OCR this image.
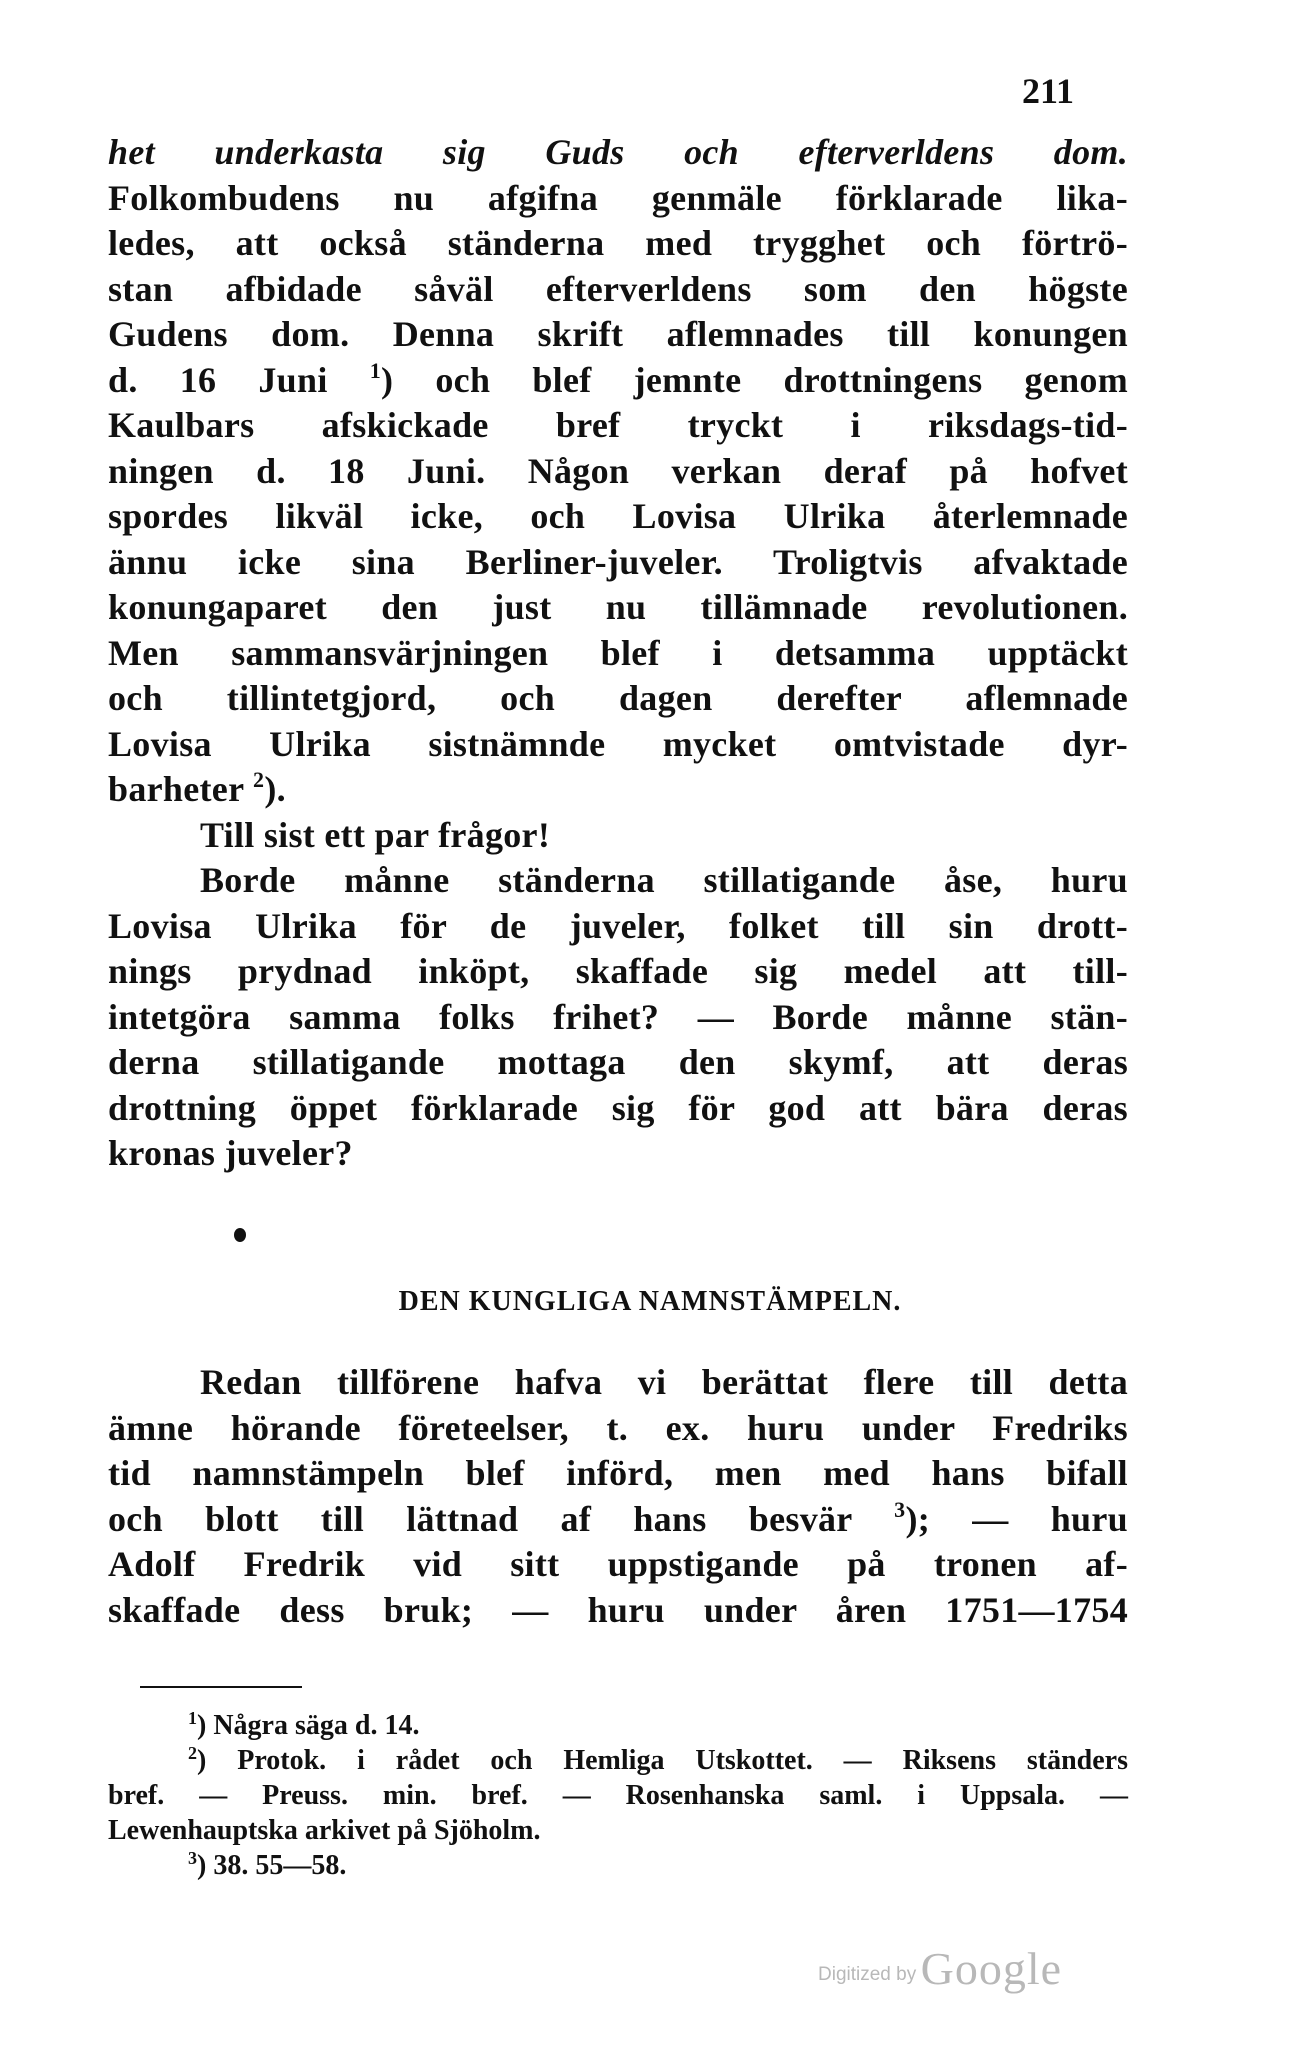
211
het underkasta sig Guds och efterverldens dom.
Folkombudens nu afgifna genmäle förklarade lika-
ledes, att också ständerna med trygghet och förtrö-
stan afbidade såväl efterverldens som den högste
Gudens dom. Denna skrift aflemnades till konungen
d. 16 Juni $^1$) och blef jemnte drottningens genom
Kaulbars afskickade bref tryckt i riksdags-tid-
ningen d. 18 Juni. Någon verkan deraf på hofvet
spordes likväl icke, och Lovisa Ulrika återlemnade
ännu icke sina Berliner-juveler. Troligtvis afvaktade
konungaparet den just nu tillämnade revolutionen.
Men sammansvärjningen blef i detsamma upptäckt
och tillintetgjord, och dagen derefter aflemnade
Lovisa Ulrika sistnämnde mycket omtvistade dyr-
barheter $^2$).
Till sist ett par frågor!
Borde månne ständerna stillatigande åse, huru
Lovisa Ulrika för de juveler, folket till sin drott-
nings prydnad inköpt, skaffade sig medel att till-
intetgöra samma folks frihet? — Borde månne stän-
derna stillatigande mottaga den skymf, att deras
drottning öppet förklarade sig för god att bära deras
kronas juveler?
DEN KUNGLIGA NAMNSTÄMPELN.
Redan tillförene hafva vi berättat flere till detta
ämne hörande företeelser, t. ex. huru under Fredriks
tid namnstämpeln blef införd, men med hans bifall
och blott till lättnad af hans besvär $^3$); — huru
Adolf Fredrik vid sitt uppstigande på tronen af-
skaffade dess bruk; — huru under åren 1751—1754
$^1$) Några säga d. 14.
$^2$) Protok. i rådet och Hemliga Utskottet. — Riksens ständers
bref. — Preuss. min. bref. — Rosenhanska saml. i Uppsala. —
Lewenhauptska arkivet på Sjöholm.
$^3$) 38. 55—58.
Digitized by Google
